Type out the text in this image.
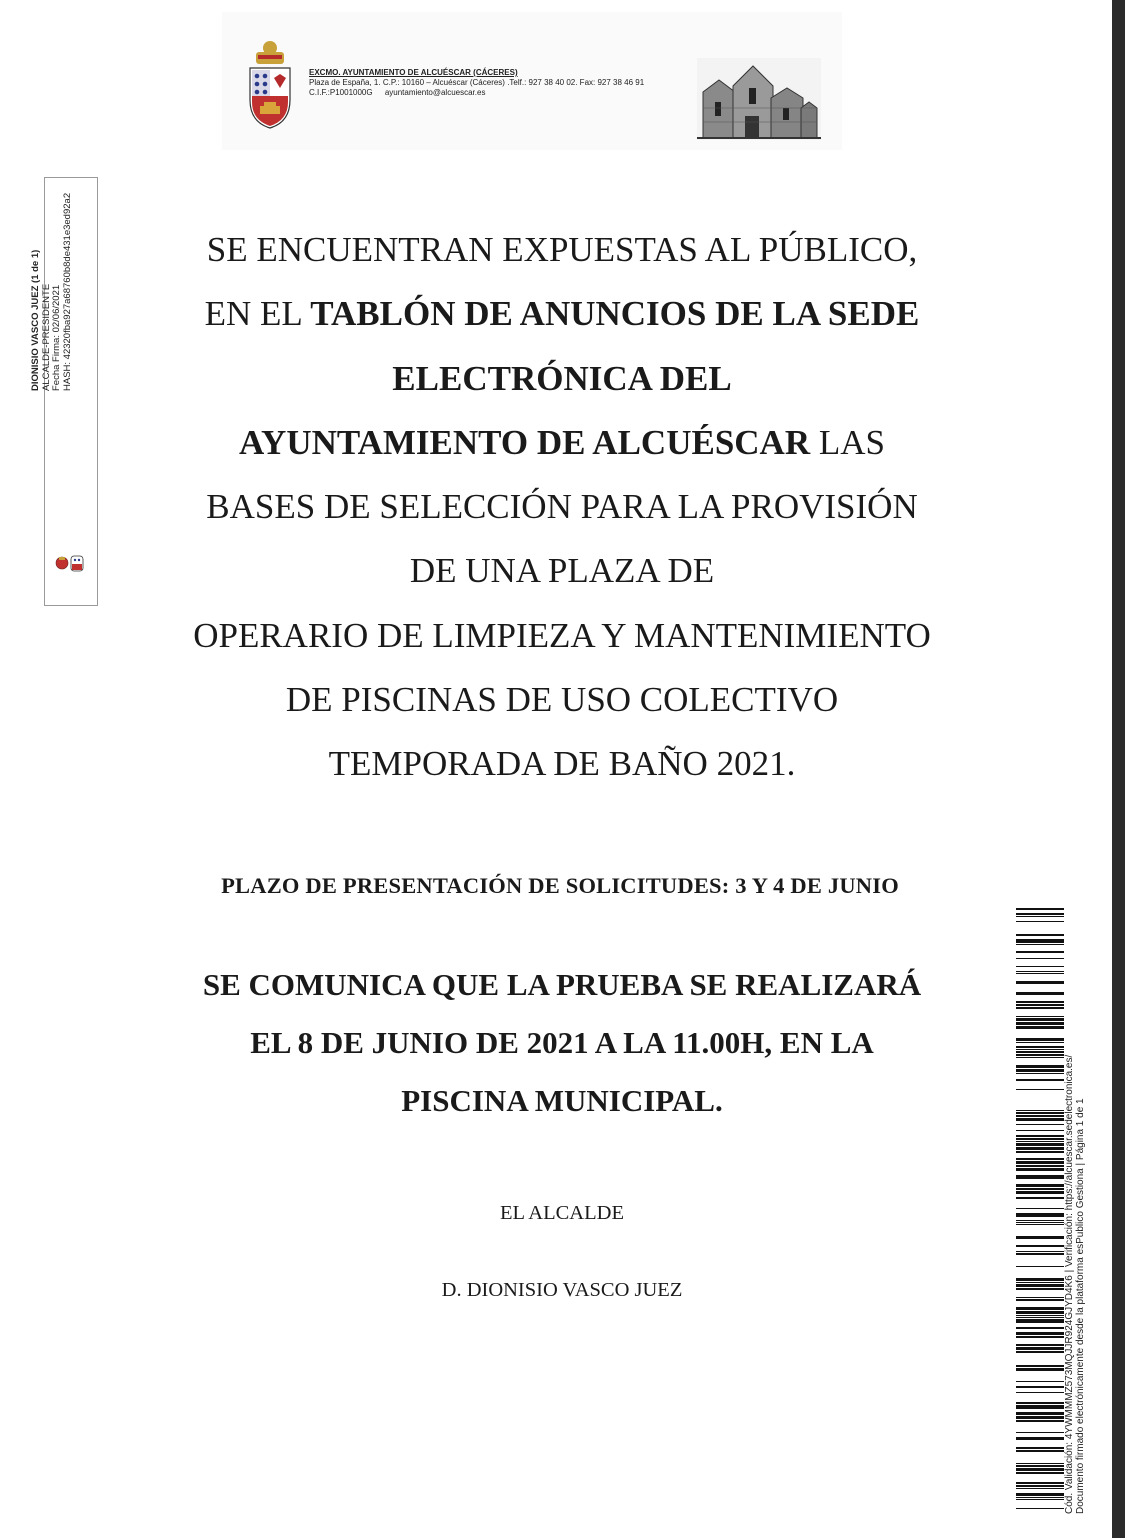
EXCMO. AYUNTAMIENTO DE ALCUÉSCAR (CÁCERES)
Plaza de España, 1. C.P.: 10160 – Alcuéscar (Cáceres) .Telf.: 927 38 40 02. Fax: 927 38 46 91
C.I.F.:P1001000G ayuntamiento@alcuescar.es
DIONISIO VASCO JUEZ (1 de 1) ALCALDE-PRESIDENTE Fecha Firma: 02/06/2021 HASH: 42320fba927a68760b8de431e3ed92a2	SE ENCUENTRAN EXPUESTAS AL PÚBLICO,
EN EL TABLÓN DE ANUNCIOS DE LA SEDE
ELECTRÓNICA DEL
AYUNTAMIENTO DE ALCUÉSCAR LAS
BASES DE SELECCIÓN PARA LA PROVISIÓN
DE UNA PLAZA DE
OPERARIO DE LIMPIEZA Y MANTENIMIENTO
DE PISCINAS DE USO COLECTIVO
TEMPORADA DE BAÑO 2021.
PLAZO DE PRESENTACIÓN DE SOLICITUDES: 3 Y 4 DE JUNIO
SE COMUNICA QUE LA PRUEBA SE REALIZARÁ
EL 8 DE JUNIO DE 2021 A LA 11.00H, EN LA
PISCINA MUNICIPAL.
EL ALCALDE
D. DIONISIO VASCO JUEZ	Cód. Validación: 4YWMMMZ573MQJJR924GJYD4K6 | Verificación: https://alcuescar.sedelectronica.es/ Documento firmado electrónicamente desde la plataforma esPublico Gestiona | Página 1 de 1
